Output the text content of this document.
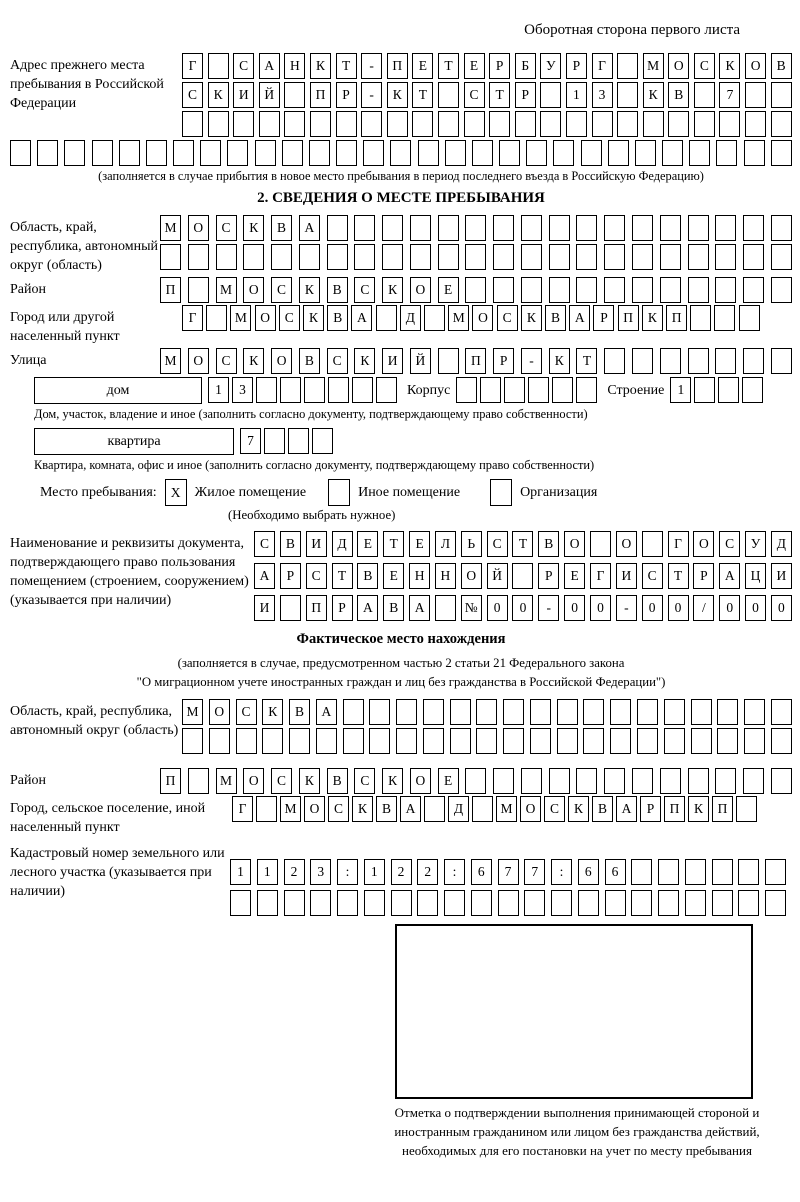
Оборотная сторона первого листа
Адрес прежнего места пребывания в Российской Федерации
Г	С	А	Н	К	Т	-	П	Е	Т	Е	Р	Б	У	Р	Г	М	О	С	К	О	В
С	К	И	Й	П	Р	-	К	Т	С	Т	Р	1	3	К	В	7
(заполняется в случае прибытия в новое место пребывания в период последнего въезда в Российскую Федерацию)
2. СВЕДЕНИЯ О МЕСТЕ ПРЕБЫВАНИЯ
Область, край, республика, автономный округ (область)
М	О	С	К	В	А
Район	П	М	О	С	К	В	С	К	О	Е
Город или другой населенный пункт
Г	М О	С	К	В	А	Д	М О	С	К	В	А	Р	П	К	П
Улица	М	О	С	К	О	В	С	К	И	Й	П	Р	-	К	Т
дом	1	3	Корпус	Строение 1
Дом, участок, владение и иное (заполнить согласно документу, подтверждающему право собственности)
квартира	7
Квартира, комната, офис и иное (заполнить согласно документу, подтверждающему право собственности)
Место пребывания:	X	Жилое помещение	Иное помещение	Организация
(Необходимо выбрать нужное)
Наименование и реквизиты документа, подтверждающего право пользования помещением (строением, сооружением) (указывается при наличии)
С	В	И	Д	Е	Т	Е	Л	Ь	С	Т	В	О	О	Г	О	С	У	Д
А	Р	С	Т	В	Е	Н	Н	О	Й	Р	Е	Г	И	С	Т	Р	А	Ц	И
И	П	Р	А	В	А	№	0	0	-	0	0	-	0	0	/	0	0	0
Фактическое место нахождения
(заполняется в случае, предусмотренном частью 2 статьи 21 Федерального закона
"О миграционном учете иностранных граждан и лиц без гражданства в Российской Федерации")
Область, край, республика, автономный округ (область)
М	О	С	К	В	А
Район	П	М	О	С	К	В	С	К	О	Е
Город, сельское поселение, иной населенный пункт
Г	М О	С	К	В	А	Д	М О	С	К	В	А	Р	П	К	П
Кадастровый номер земельного или лесного участка (указывается при наличии)
1	1	2	3	:	1	2	2	:	6	7	7	:	6	6
Отметка о подтверждении выполнения принимающей стороной и иностранным гражданином или лицом без гражданства действий, необходимых для его постановки на учет по месту пребывания
